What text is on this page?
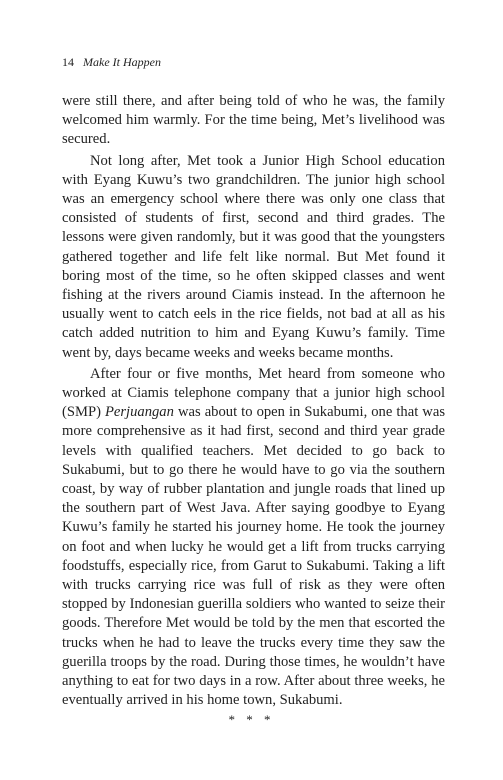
14 Make It Happen

were still there, and after being told of who he was, the family welcomed him warmly. For the time being, Met’s livelihood was secured.

Not long after, Met took a Junior High School education with Eyang Kuwu’s two grandchildren. The junior high school was an emergency school where there was only one class that consisted of students of first, second and third grades. The lessons were given randomly, but it was good that the youngsters gathered together and life felt like normal. But Met found it boring most of the time, so he often skipped classes and went fishing at the rivers around Ciamis instead. In the afternoon he usually went to catch eels in the rice fields, not bad at all as his catch added nutrition to him and Eyang Kuwu’s family. Time went by, days became weeks and weeks became months.

After four or five months, Met heard from someone who worked at Ciamis telephone company that a junior high school (SMP) Perjuangan was about to open in Sukabumi, one that was more comprehensive as it had first, second and third year grade levels with qualified teachers. Met decided to go back to Sukabumi, but to go there he would have to go via the southern coast, by way of rubber plantation and jungle roads that lined up the southern part of West Java. After saying goodbye to Eyang Kuwu’s family he started his journey home. He took the journey on foot and when lucky he would get a lift from trucks carrying foodstuffs, especially rice, from Garut to Sukabumi. Taking a lift with trucks carrying rice was full of risk as they were often stopped by Indonesian guerilla soldiers who wanted to seize their goods. Therefore Met would be told by the men that escorted the trucks when he had to leave the trucks every time they saw the guerilla troops by the road. During those times, he wouldn’t have anything to eat for two days in a row. After about three weeks, he eventually arrived in his home town, Sukabumi.

* * *
